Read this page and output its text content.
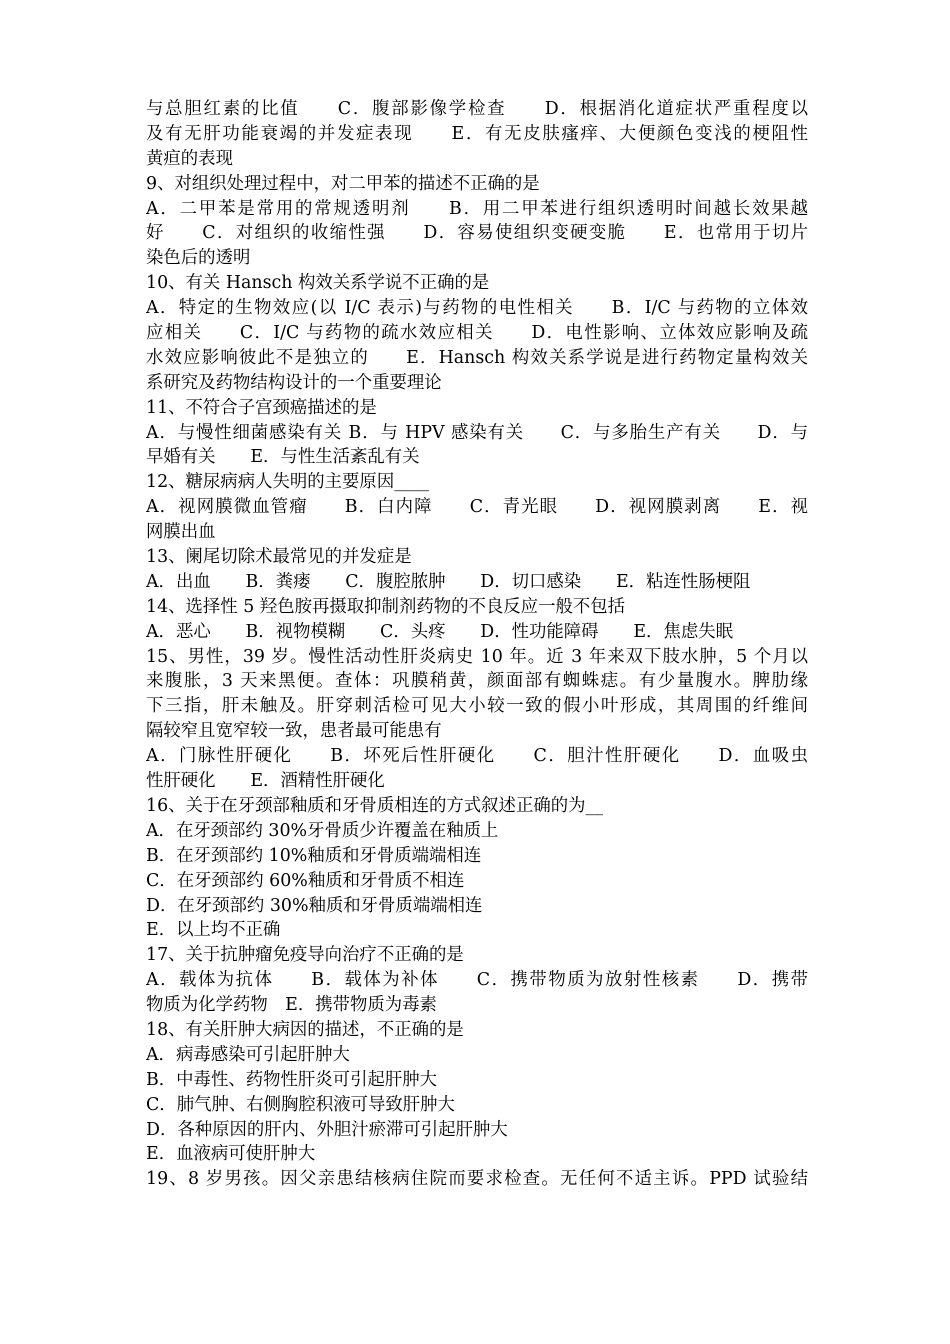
与总胆红素的比值　　C．腹部影像学检查　　D．根据消化道症状严重程度以
及有无肝功能衰竭的并发症表现　　E．有无皮肤瘙痒、大便颜色变浅的梗阻性
黄疸的表现
9、对组织处理过程中，对二甲苯的描述不正确的是
A．二甲苯是常用的常规透明剂　　B．用二甲苯进行组织透明时间越长效果越
好　　C．对组织的收缩性强　　D．容易使组织变硬变脆　　E．也常用于切片
染色后的透明
10、有关 Hansch 构效关系学说不正确的是
A．特定的生物效应(以 I/C 表示)与药物的电性相关　　B．I/C 与药物的立体效
应相关　　C．I/C 与药物的疏水效应相关　　D．电性影响、立体效应影响及疏
水效应影响彼此不是独立的　　E．Hansch 构效关系学说是进行药物定量构效关
系研究及药物结构设计的一个重要理论
11、不符合子宫颈癌描述的是
A．与慢性细菌感染有关 B．与 HPV 感染有关　　C．与多胎生产有关　　D．与
早婚有关　　E．与性生活紊乱有关
12、糖尿病病人失明的主要原因____
A．视网膜微血管瘤　　B．白内障　　C．青光眼　　D．视网膜剥离　　E．视
网膜出血
13、阑尾切除术最常见的并发症是
A．出血　　B．粪瘘　　C．腹腔脓肿　　D．切口感染　　E．粘连性肠梗阻
14、选择性 5 羟色胺再摄取抑制剂药物的不良反应一般不包括
A．恶心　　B．视物模糊　　C．头疼　　D．性功能障碍　　E．焦虑失眠
15、男性，39 岁。慢性活动性肝炎病史 10 年。近 3 年来双下肢水肿，5 个月以
来腹胀，3 天来黑便。查体：巩膜稍黄，颜面部有蜘蛛痣。有少量腹水。脾肋缘
下三指，肝未触及。肝穿刺活检可见大小较一致的假小叶形成，其周围的纤维间
隔较窄且宽窄较一致，患者最可能患有
A．门脉性肝硬化　　B．坏死后性肝硬化　　C．胆汁性肝硬化　　D．血吸虫
性肝硬化　　E．酒精性肝硬化
16、关于在牙颈部釉质和牙骨质相连的方式叙述正确的为__
A．在牙颈部约 30%牙骨质少许覆盖在釉质上
B．在牙颈部约 10%釉质和牙骨质端端相连
C．在牙颈部约 60%釉质和牙骨质不相连
D．在牙颈部约 30%釉质和牙骨质端端相连
E．以上均不正确
17、关于抗肿瘤免疫导向治疗不正确的是
A．载体为抗体　　B．载体为补体　　C．携带物质为放射性核素　　D．携带
物质为化学药物　E．携带物质为毒素
18、有关肝肿大病因的描述，不正确的是
A．病毒感染可引起肝肿大
B．中毒性、药物性肝炎可引起肝肿大
C．肺气肿、右侧胸腔积液可导致肝肿大
D．各种原因的肝内、外胆汁瘀滞可引起肝肿大
E．血液病可使肝肿大
19、8 岁男孩。因父亲患结核病住院而要求检查。无任何不适主诉。PPD 试验结
